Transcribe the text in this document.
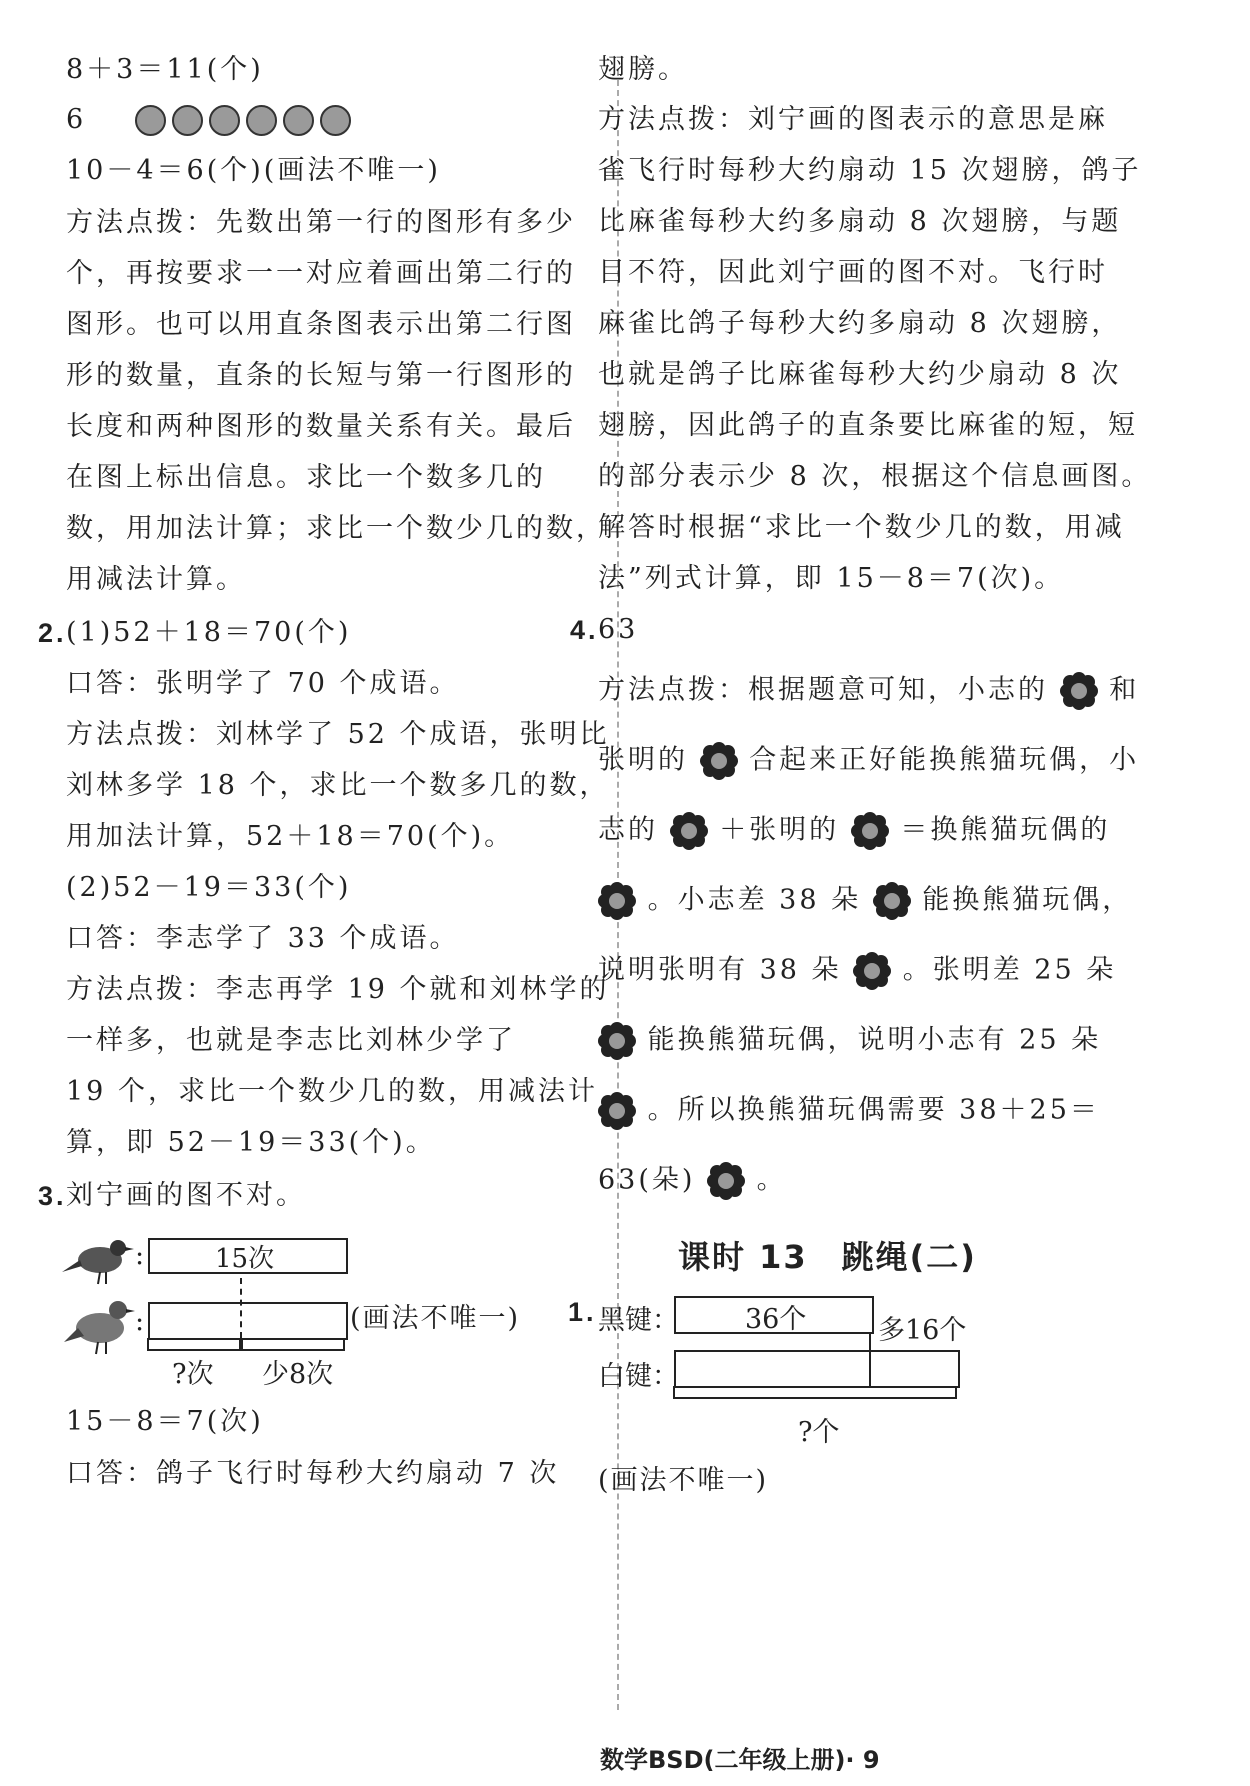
8＋3＝11(个)
6
10－4＝6(个)(画法不唯一)
方法点拨：先数出第一行的图形有多少
个，再按要求一一对应着画出第二行的
图形。也可以用直条图表示出第二行图
形的数量，直条的长短与第一行图形的
长度和两种图形的数量关系有关。最后
在图上标出信息。求比一个数多几的
数，用加法计算；求比一个数少几的数，
用减法计算。
2. (1)52＋18＝70(个)
口答：张明学了 70 个成语。
方法点拨：刘林学了 52 个成语，张明比
刘林多学 18 个，求比一个数多几的数，
用加法计算，52＋18＝70(个)。
(2)52－19＝33(个)
口答：李志学了 33 个成语。
方法点拨：李志再学 19 个就和刘林学的
一样多，也就是李志比刘林少学了
19 个，求比一个数少几的数，用减法计
算，即 52－19＝33(个)。
3. 刘宁画的图不对。
:	15次
:	(画法不唯一)
?次 少8次
15－8＝7(次)
口答：鸽子飞行时每秒大约扇动 7 次
翅膀。
方法点拨：刘宁画的图表示的意思是麻
雀飞行时每秒大约扇动 15 次翅膀，鸽子
比麻雀每秒大约多扇动 8 次翅膀，与题
目不符，因此刘宁画的图不对。飞行时
麻雀比鸽子每秒大约多扇动 8 次翅膀，
也就是鸽子比麻雀每秒大约少扇动 8 次
翅膀，因此鸽子的直条要比麻雀的短，短
的部分表示少 8 次，根据这个信息画图。
解答时根据“求比一个数少几的数，用减
法”列式计算，即 15－8＝7(次)。
4. 63
方法点拨：根据题意可知，小志的 和
张明的 合起来正好能换熊猫玩偶，小
志的 ＋张明的 ＝换熊猫玩偶的
。小志差 38 朵 能换熊猫玩偶，
说明张明有 38 朵 。张明差 25 朵
能换熊猫玩偶，说明小志有 25 朵
。所以换熊猫玩偶需要 38＋25＝
63(朵) 。
课时 13　跳绳(二)
1. 黑键： 36个	多16个
白键：
?个
(画法不唯一)
数学BSD(二年级上册)· 9
